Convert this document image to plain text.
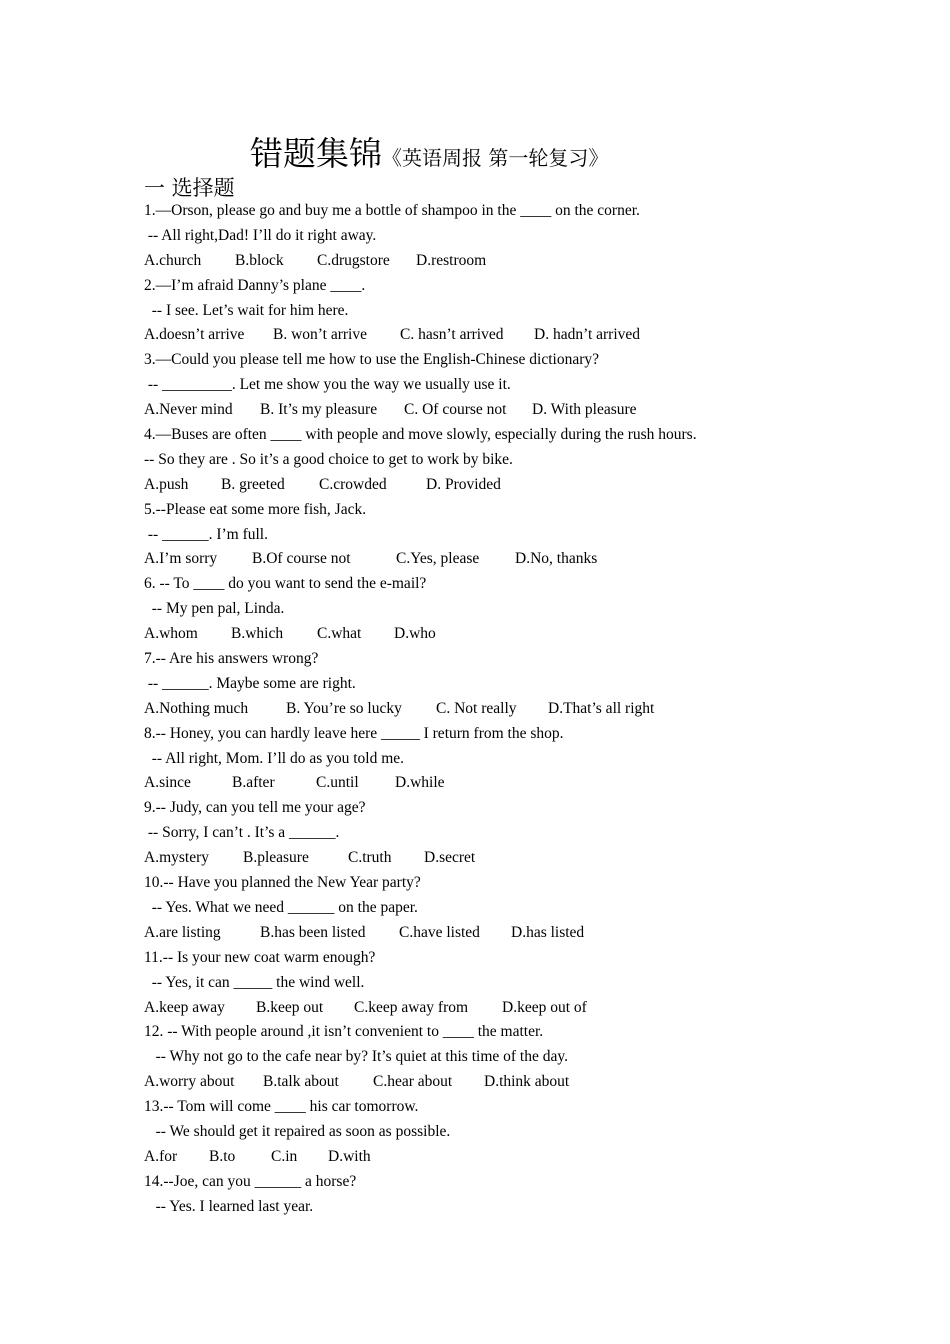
错题集锦《英语周报 第一轮复习》
一 选择题
1.—Orson, please go and buy me a bottle of shampoo in the ____ on the corner.
-- All right,Dad! I’ll do it right away.
A.church B.block C.drugstore D.restroom
2.—I’m afraid Danny’s plane ____.
-- I see. Let’s wait for him here.
A.doesn’t arrive B. won’t arrive C. hasn’t arrived D. hadn’t arrived
3.—Could you please tell me how to use the English-Chinese dictionary?
-- _________. Let me show you the way we usually use it.
A.Never mind B. It’s my pleasure C. Of course not D. With pleasure
4.—Buses are often ____ with people and move slowly, especially during the rush hours.
-- So they are . So it’s a good choice to get to work by bike.
A.push B. greeted C.crowded	D. Provided
5.--Please eat some more fish, Jack.
-- ______. I’m full.
A.I’m sorry B.Of course not	C.Yes, please D.No, thanks
6. -- To ____ do you want to send the e-mail?
-- My pen pal, Linda.
A.whom B.which C.what D.who
7.-- Are his answers wrong?
-- ______. Maybe some are right.
A.Nothing much B. You’re so lucky C. Not really D.That’s all right
8.-- Honey, you can hardly leave here _____ I return from the shop.
-- All right, Mom. I’ll do as you told me.
A.since	B.after	C.until D.while
9.-- Judy, can you tell me your age?
-- Sorry, I can’t . It’s a ______.
A.mystery B.pleasure	C.truth D.secret
10.-- Have you planned the New Year party?
-- Yes. What we need ______ on the paper.
A.are listing	B.has been listed C.have listed D.has listed
11.-- Is your new coat warm enough?
-- Yes, it can _____ the wind well.
A.keep away B.keep out C.keep away from D.keep out of
12. -- With people around ,it isn’t convenient to ____ the matter.
-- Why not go to the cafe near by? It’s quiet at this time of the day.
A.worry about B.talk about C.hear about D.think about
13.-- Tom will come ____ his car tomorrow.
-- We should get it repaired as soon as possible.
A.for B.to C.in D.with
14.--Joe, can you ______ a horse?
-- Yes. I learned last year.
